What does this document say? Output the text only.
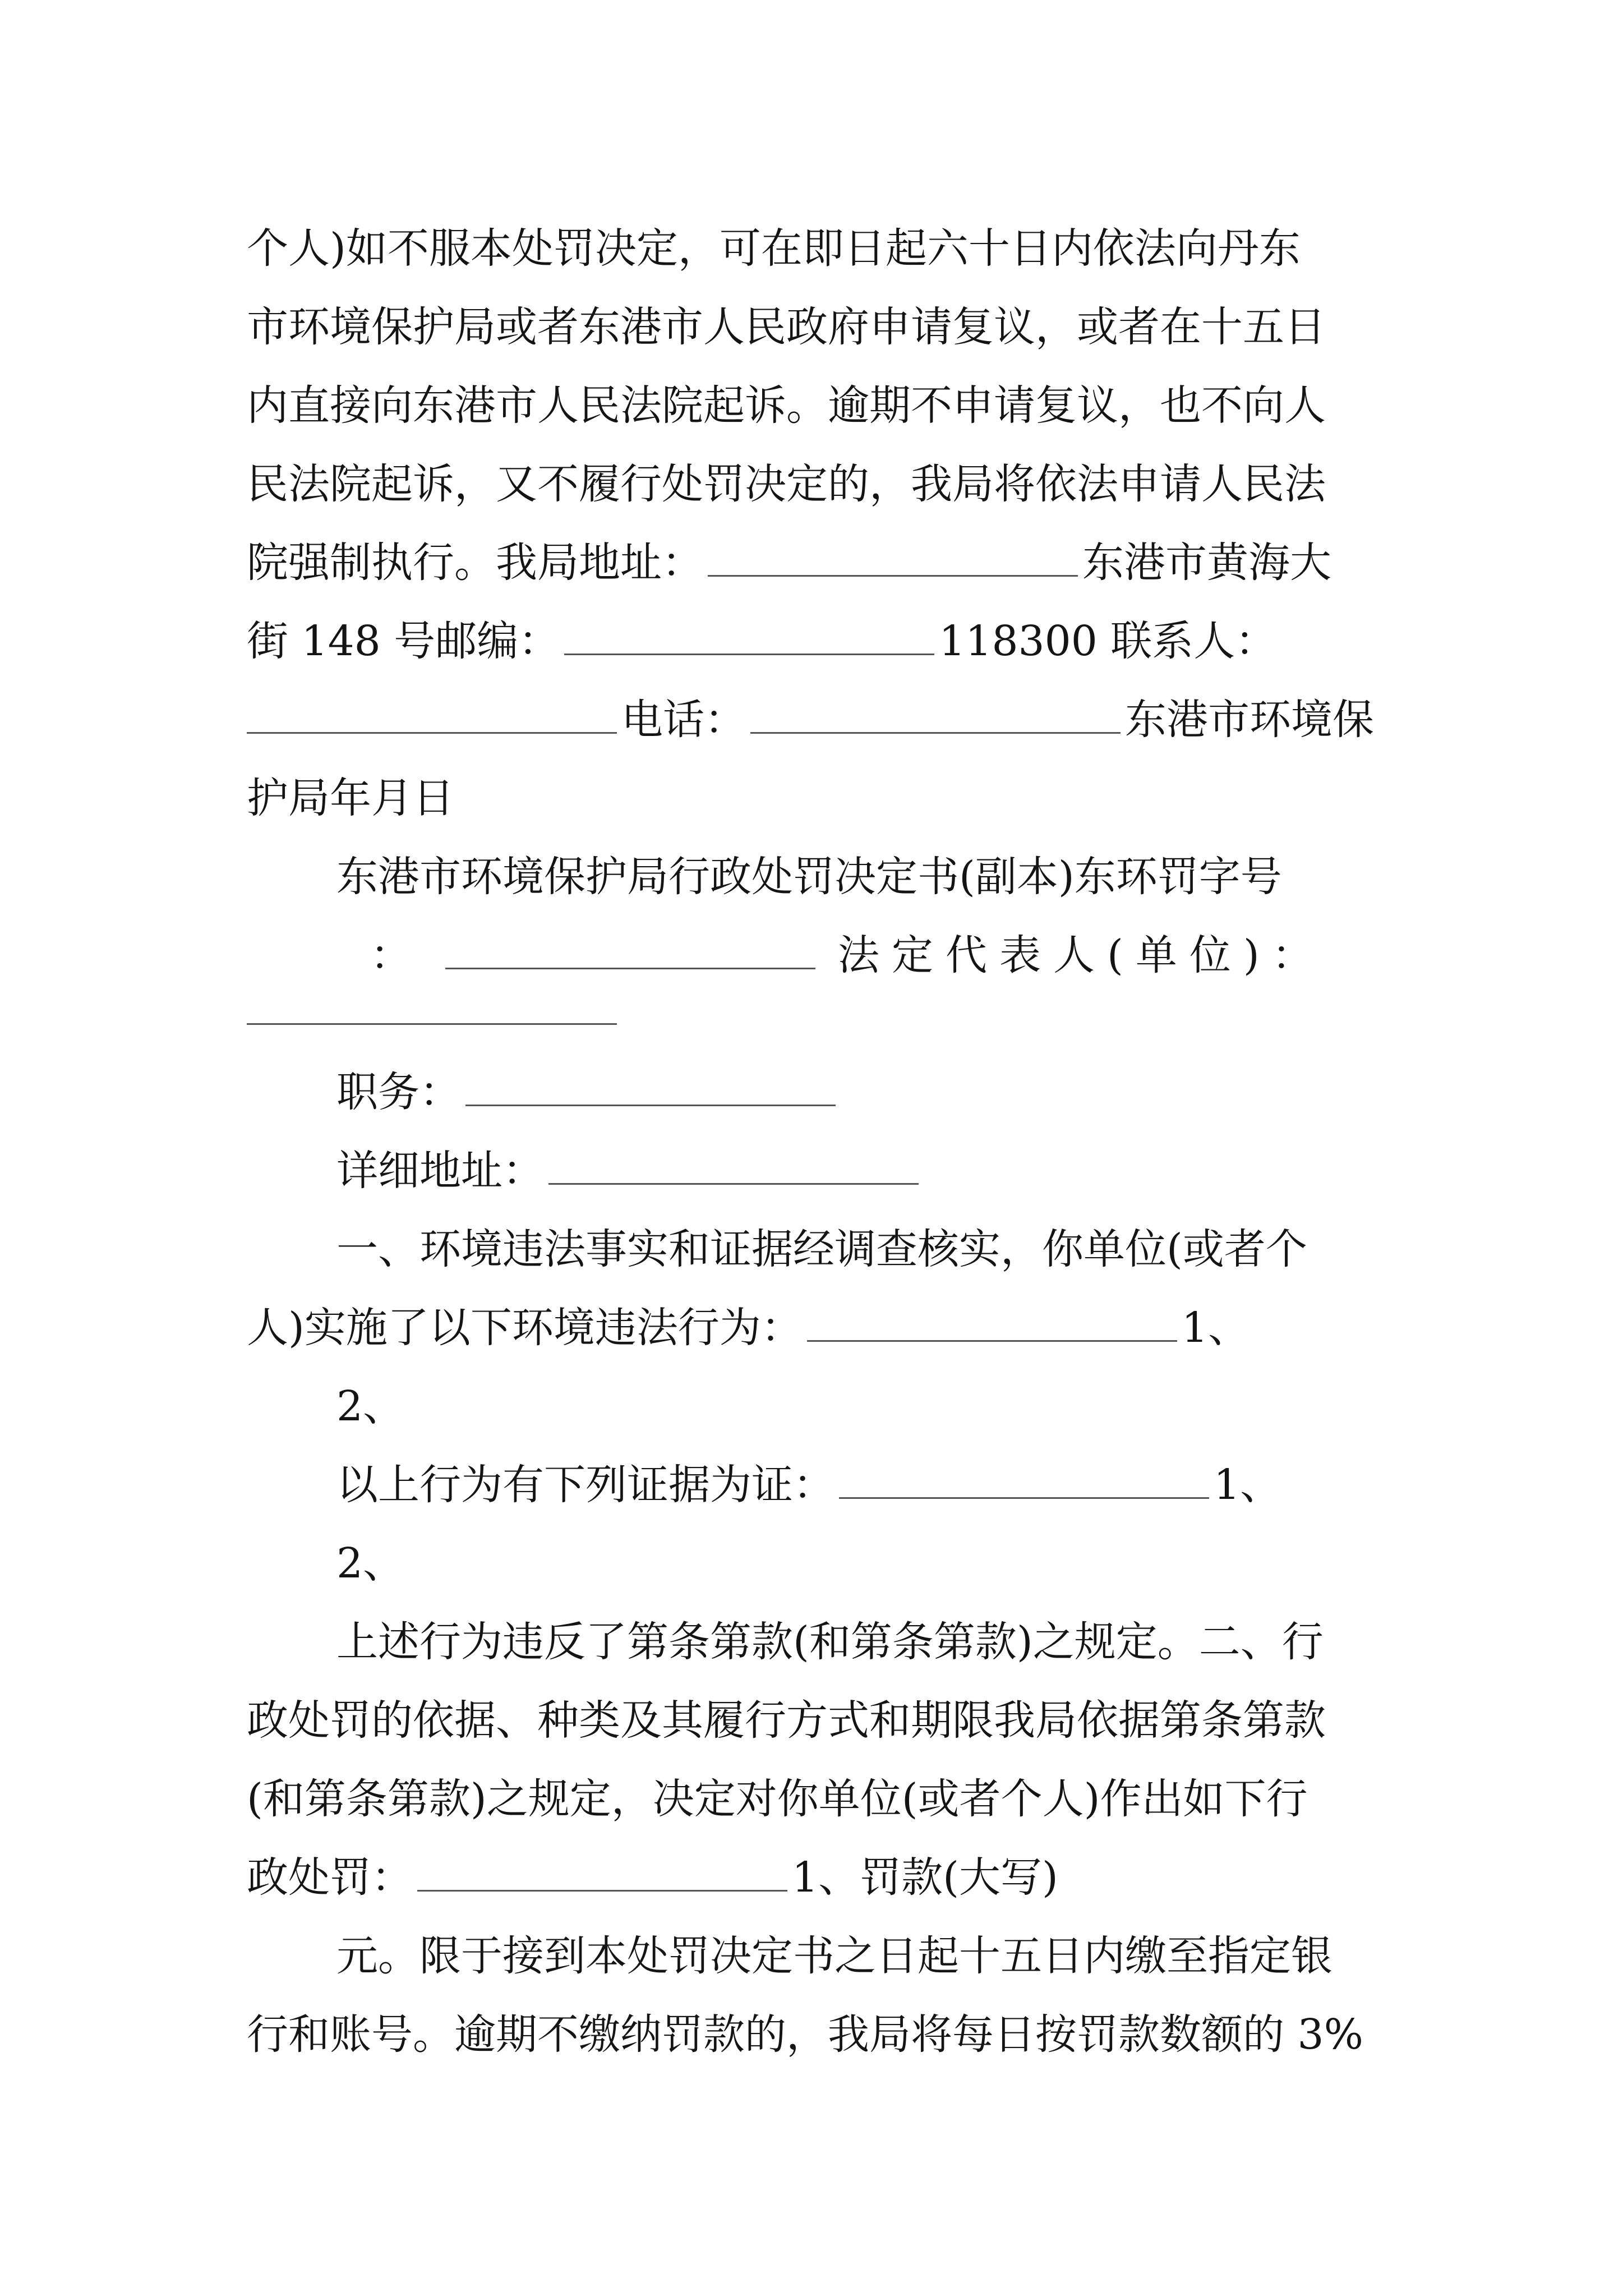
个人)如不服本处罚决定，可在即日起六十日内依法向丹东
市环境保护局或者东港市人民政府申请复议，或者在十五日
内直接向东港市人民法院起诉。逾期不申请复议，也不向人
民法院起诉，又不履行处罚决定的，我局将依法申请人民法
院强制执行。我局地址：	东港市黄海大
街 148 号邮编：	118300 联系人：
电话：	东港市环境保
护局年月日
东港市环境保护局行政处罚决定书(副本)东环罚字号
：	法定代表人(单位)：
职务：
详细地址：
一、环境违法事实和证据经调查核实，你单位(或者个
人)实施了以下环境违法行为：	1、
2、
以上行为有下列证据为证：	1、
2、
上述行为违反了第条第款(和第条第款)之规定。二、行
政处罚的依据、种类及其履行方式和期限我局依据第条第款
(和第条第款)之规定，决定对你单位(或者个人)作出如下行
政处罚：	1、罚款(大写)
元。限于接到本处罚决定书之日起十五日内缴至指定银
行和账号。逾期不缴纳罚款的，我局将每日按罚款数额的 3%
